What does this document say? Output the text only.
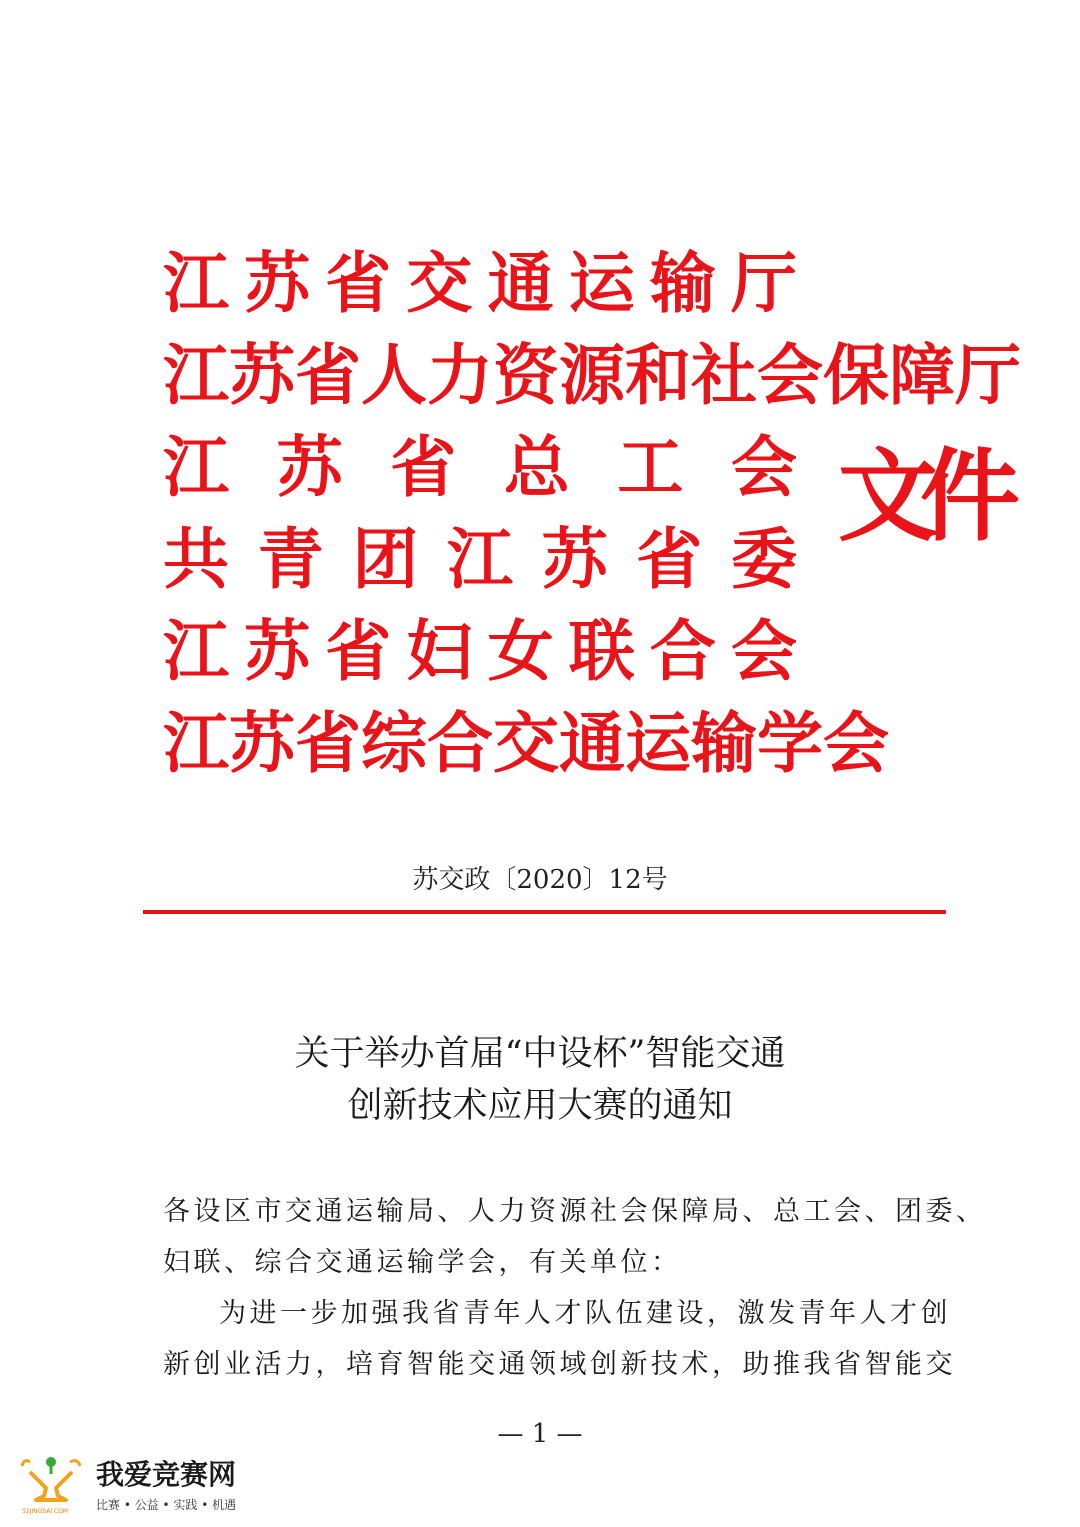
江 苏 省 交 通 运 输 厅
江 苏 省 人 力 资 源 和 社 会 保 障 厅
江 苏 省 总 工 会
共 青 团 江 苏 省 委
江 苏 省 妇 女 联 合 会
江 苏 省 综 合 交 通 运 输 学 会
文件
苏交政〔2020〕12号
关于举办首届“中设杯”智能交通
创新技术应用大赛的通知
各设区市交通运输局、人力资源社会保障局、总工会、团委、
妇联、综合交通运输学会，有关单位：
为进一步加强我省青年人才队伍建设，激发青年人才创
新创业活力，培育智能交通领域创新技术，助推我省智能交
— 1 —
我爱竞赛网
52JINGSAI.COM 比赛 • 公益 • 实践 • 机遇
